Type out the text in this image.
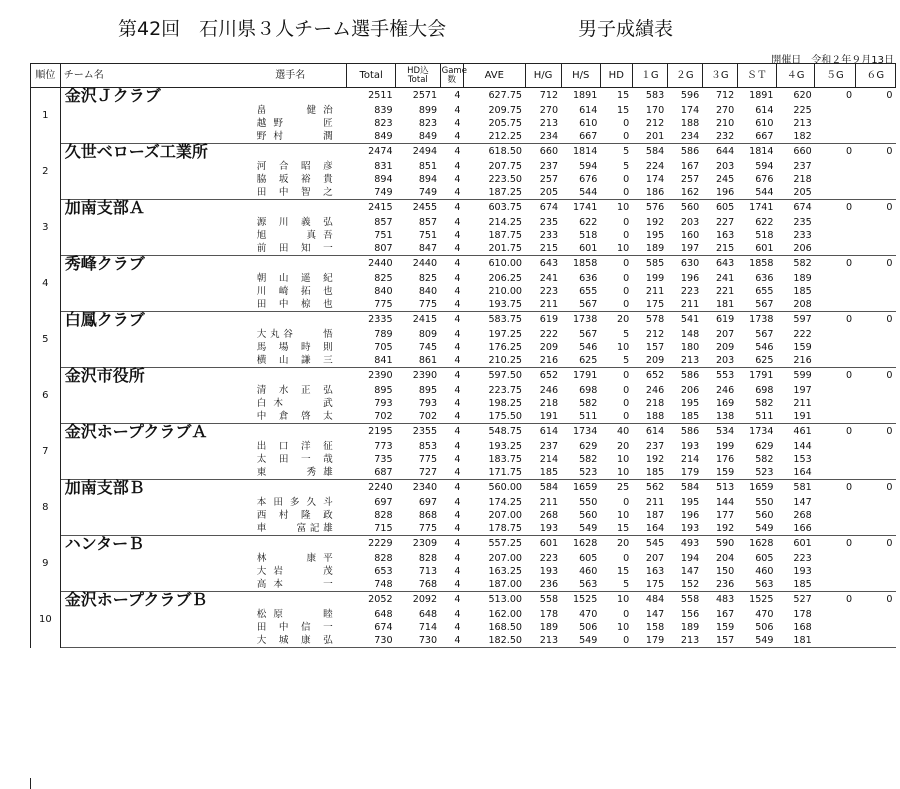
第42回　石川県３人チーム選手権大会	男子成績表
開催日　令和２年９月13日
順位	チーム名 選手名	Total	HD込
Total	Game
数	AVE	H/G	H/S	HD	１G	２G	３G	ＳＴ	４G	５G	６G
1	金沢Ｊクラブ	2511	2571	4	627.75	712	1891	15	583	596	712	1891	620	0	0
	畠　　健治	839	899	4	209.75	270	614	15	170	174	270	614	225		
	越野　　匠	823	823	4	205.75	213	610	0	212	188	210	610	213		
	野村　　潤	849	849	4	212.25	234	667	0	201	234	232	667	182		
2	久世ベローズ工業所	2474	2494	4	618.50	660	1814	5	584	586	644	1814	660	0	0
	河合昭彦	831	851	4	207.75	237	594	5	224	167	203	594	237		
	脇坂裕貴	894	894	4	223.50	257	676	0	174	257	245	676	218		
	田中智之	749	749	4	187.25	205	544	0	186	162	196	544	205		
3	加南支部Ａ	2415	2455	4	603.75	674	1741	10	576	560	605	1741	674	0	0
	源川義弘	857	857	4	214.25	235	622	0	192	203	227	622	235		
	旭　　真吾	751	751	4	187.75	233	518	0	195	160	163	518	233		
	前田知一	807	847	4	201.75	215	601	10	189	197	215	601	206		
4	秀峰クラブ	2440	2440	4	610.00	643	1858	0	585	630	643	1858	582	0	0
	朝山遥紀	825	825	4	206.25	241	636	0	199	196	241	636	189		
	川崎拓也	840	840	4	210.00	223	655	0	211	223	221	655	185		
	田中椋也	775	775	4	193.75	211	567	0	175	211	181	567	208		
5	白鳳クラブ	2335	2415	4	583.75	619	1738	20	578	541	619	1738	597	0	0
	大丸谷　　悟	789	809	4	197.25	222	567	5	212	148	207	567	222		
	馬場時則	705	745	4	176.25	209	546	10	157	180	209	546	159		
	横山謙三	841	861	4	210.25	216	625	5	209	213	203	625	216		
6	金沢市役所	2390	2390	4	597.50	652	1791	0	652	586	553	1791	599	0	0
	清水正弘	895	895	4	223.75	246	698	0	246	206	246	698	197		
	白木　　武	793	793	4	198.25	218	582	0	218	195	169	582	211		
	中倉啓太	702	702	4	175.50	191	511	0	188	185	138	511	191		
7	金沢ホープクラブＡ	2195	2355	4	548.75	614	1734	40	614	586	534	1734	461	0	0
	出口洋征	773	853	4	193.25	237	629	20	237	193	199	629	144		
	太田一哉	735	775	4	183.75	214	582	10	192	214	176	582	153		
	東　　秀雄	687	727	4	171.75	185	523	10	185	179	159	523	164		
8	加南支部Ｂ	2240	2340	4	560.00	584	1659	25	562	584	513	1659	581	0	0
	本田多久斗	697	697	4	174.25	211	550	0	211	195	144	550	147		
	西村隆政	828	868	4	207.00	268	560	10	187	196	177	560	268		
	車　　富記雄	715	775	4	178.75	193	549	15	164	193	192	549	166		
9	ハンターＢ	2229	2309	4	557.25	601	1628	20	545	493	590	1628	601	0	0
	林　　康平	828	828	4	207.00	223	605	0	207	194	204	605	223		
	大岩　　茂	653	713	4	163.25	193	460	15	163	147	150	460	193		
	高本　　一	748	768	4	187.00	236	563	5	175	152	236	563	185		
10	金沢ホープクラブＢ	2052	2092	4	513.00	558	1525	10	484	558	483	1525	527	0	0
	松原　　睦	648	648	4	162.00	178	470	0	147	156	167	470	178		
	田中信一	674	714	4	168.50	189	506	10	158	189	159	506	168		
	大城康弘	730	730	4	182.50	213	549	0	179	213	157	549	181		
